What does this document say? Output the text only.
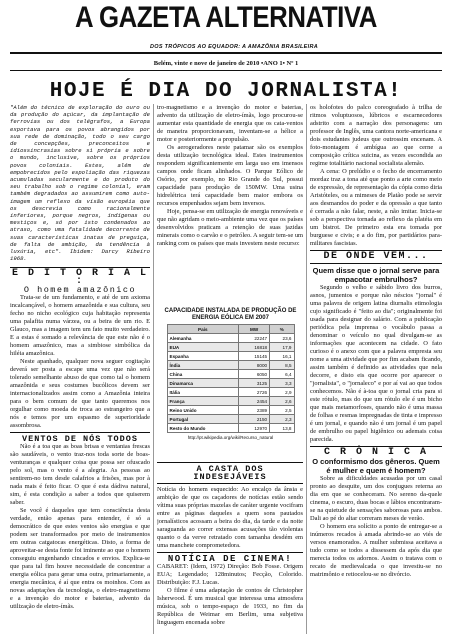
A GAZETA ALTERNATIVA
DOS TRÓPICOS AO EQUADOR: A AMAZÔNIA BRASILEIRA
Belém, vinte e nove de janeiro de 2010 •ANO 1• Nº 1
HOJE É DIA DO JORNALISTA!
"Além do técnico de exploração do ouro ou da produção do açúcar, da implantação de ferrovias ou dos telégrafos, a Europa exportava para os povos abrangidos por sua rede de dominação, todo o seu cargo de concepções, preconceitos e idiossincrasias sobre si própria e sobre o mundo, inclusive, sobre os próprios povos coloniais. Estes, além de empobrecidos pelo espoliação das riquezas acumuladas secularmente e do produto do seu trabalho sob o regime colonial, eram também degradados ao assumirem como auto-imagem um reflexo da visão européia que os descrevia como racionalmente inferiores, porque negros, índígenas ou mestiços e, só por isto condenados ao atraso, como uma fatalidade decorrente de suas características inatas de preguiça, de falta de ambição, da tendência à luxúria, etc". Ibidem: Darcy Ribeiro 1968.
E D I T O R I A L :
O homem amazônico

Trata-se de um fundamento, e até de um axioma incalcançável, o homem amazônida e sua cultura, seu fecho no nicho ecológico cuja habitação representa uma palafita numa várzea, ou a beira de um rio. E Glauco, mas a imagem tem um fato muito verdadeiro. E a estas é somado a relevância de que este não é o homem amazônico, mas a simbiose simbólica da hiléia amazônica.

Neste apanhado, qualquer nova seguer cogitação deverá ser posta a escape uma vez que não será tolerado semelhante abuso de que como tal o homem amazônida e seus costumes bucólicos devem ser internacionalizados assim como a Amazônia inteira para o bem comum de que tanto queremos nos orgulhar como moeda de troca ao estrangeiro que a nós e temos por um espasmo de superioridade assombrosa.

VENTOS DE NÓS TODOS

Não é a toa que as boas brisas e ventanias frescas são saudáveis, o vento traz-nos toda sorte de boas-venturanças e qualquer coisa que possa ser ofuscado pelo sol, mas o vento é a alegria. As pessoas ao sentirem-no tem desde calafrios a frisões, mas por à nada mais é feito ficar. O que é esta dádiva natural, sim, é esta condição a saber a todos que quiserem saber.

Se você é daqueles que tem consciência desta verdade, então apenas para entender, é só a democrático de que estes ventos são energias e que podem ser transformados por meio de instrumentos em outras catgatocas energéticas. Disto, a forma de aproveitar-se desta fonte foi iminente ao que o homem conseguiu engenhando cincados e envios. Explica-se que para tal fim houve necessidade de concentrar a energia eólica para gerar uma outra, primariamente, a energia mecânica, é aí que entra os moinhos. Com as novas adaptações da tecnologia, o eletro-magnetismo e a invenção do motor e baterias, advento da utilização de eletro-ímãs.

tro-magnetismo e a invenção do motor e baterias, advento da utilização de eletro-ímãs, logo procurou-se aumentar esta quantidade de energia que os cata-ventos de maneira proporcionavam, inventam-se a hélice a motor e posteriormente a propulsão.

Os aerogeradores neste patamar são os exemplos desta utilização tecnológica ideal. Estes instrumentos respondem significantemente em larga uso em imensos campos onde ficam alinhados. O Parque Eólico de Osório, por exemplo, no Rio Grande do Sul, possui capacidade para produção de 150MW. Uma usina hidrelétrica terá capacidade bem maior embora os recursos empenhados sejam bem inversos.

Hoje, pensa-se em utilização de energia renováveis e que não agridam o meio-ambiente uma vez que os países desenvolvidos praticam a retenção de suas jazidas minerais como o carvão e o petróleo. A seguir tem-se um ranking com os países que mais investem neste recurso:

CAPACIDADE INSTALADA DE PRODUÇÃO DE ENERGIA EÓLICA EM 2007
País	MW	%
Alemanha	22247	23,6
EUA	16818	17,9
Espanha	15145	16,1
Índia	8000	8,5
China	6050	6,4
Dinamarca	3125	3,3
Itália	2726	2,9
França	2454	2,6
Reino Unido	2389	2,5
Portugal	2150	2,3
Resto do Mundo	12970	13,8
http://pt.wikipedia.org/wiki/Recurso_natural
A CASTA DOS INDESEJÁVEIS

Notícia do homem esquecido: Ao encalço da ânsia e ambição de que os caçadores de notícias estão sendo vítima suas próprias mazelas de caráter urgente vocifram entre as páginas daqueles a quem sons pautados jornalísticos acossam a beira do dia, da tarde e da noite saraguanda ao correr extensas acusações tão violentas quanto o da verve retratado com tamanha desdém em uma manchete comprometedora.

NOTÍCIA DE CINEMA!

CABARET: (Idem, 1972) Direção: Bob Fosse. Origem EUA; Legendado; 128minutos; Fecção, Colorido. Distribuição: F.J. Lucas.

O filme é uma adaptação de contos de Christopher Isherwood. É um musical que interessa uma atmosfera música, sob o tempo-espaço de 1933, no fim da República de Weimar em Berlim, uma subjetiva linguagem encenada sobre

os holofotes do palco coreografado à trilha de ritmos voluptuosos, lúbricos e escarnecedores adstrito com a narração dos personagens: um professor de Inglês, uma cantora norte-americana e dois estudantes judeus que outrossim encenam. A foto-montagem é ambígua ao que cerne a composição crítica suicina, as vezes escondida ao regime totalitário nacional socialista alemão.

A cena: O prelúdio e o fecho de encerramento mordaz traz a tona até que ponto a arte como meio de expressão, de representação da cópia como diria Aristóteles, ou a mimeses de Platão pode se servir aos desmandos do poder e da opressão a que tanto é cerrada a não falar, neste, a não imitar. Inicia-se sob a perspectiva tornada ao reflexo da platéia em um bistrot. De primeiro esta era tomada por burguese e civis; e a do fim, por partidários para-militares fascistas.

DE ONDE VEM...
Quem disse que o jornal serve para empacotar embrulhos?

Segundo o velho e sábido livro dos burros, asnos, jumentos e porque não néscios "jornal" é uma palavra de origem latina diurnalis etimologia cujo significado é "feito ao dia"; originalmente foi usada para designar do salário. Com a publicação periódica pela imprensa o vocábulo passa a denominar o veículo no qual divulgam-se as informações que acontecem na cidade. O fato curioso é o anexo com que a palavra empresta seu nome a uma atividade que por fim acabam ficando, assim também é definido as atividades que nela decorre, e disto eis que ocorre por aparecer o "jornalista", o "jornaleco" e por aí vai ao que todos conhecemos. Não é à-toa que o jornal cria para si este rótulo, mas do que um rótulo ele é um bicho que mais metamorfoses, quando não é uma massa de folhas e resmas impregnadas de tinta e impresso é um jornal, e quando não é um jornal é um papel de embrulho ou papel higiênico ou ademais coisa parecida.

C R Ô N I C A
O conformismo dos gêneros. Quem é mulher e quem é homem?

Sobre as dificuldades acusadas por um casal pronto ao desquite, um dos conjugues reterna ao dia em que se conheceram. No sereno da-quele cinema, o escuro, duas bocas e lábios encontraram-se na quietude de sensações saborosas para ambos. Dali ao pé do altar correram meses de verão.

O homem era solícito a ponto de entregar-se a inúmeros recados à amada abrindo-se ao viés de versos enamorados. A mulher submissa aceitava a tudo como se todos a dissessem da após dia que merecia todos os adornos. Assim o tratava com o recato de medievalcada o que investiu-se no matrimônio e retiocelou-se no divórcio.
